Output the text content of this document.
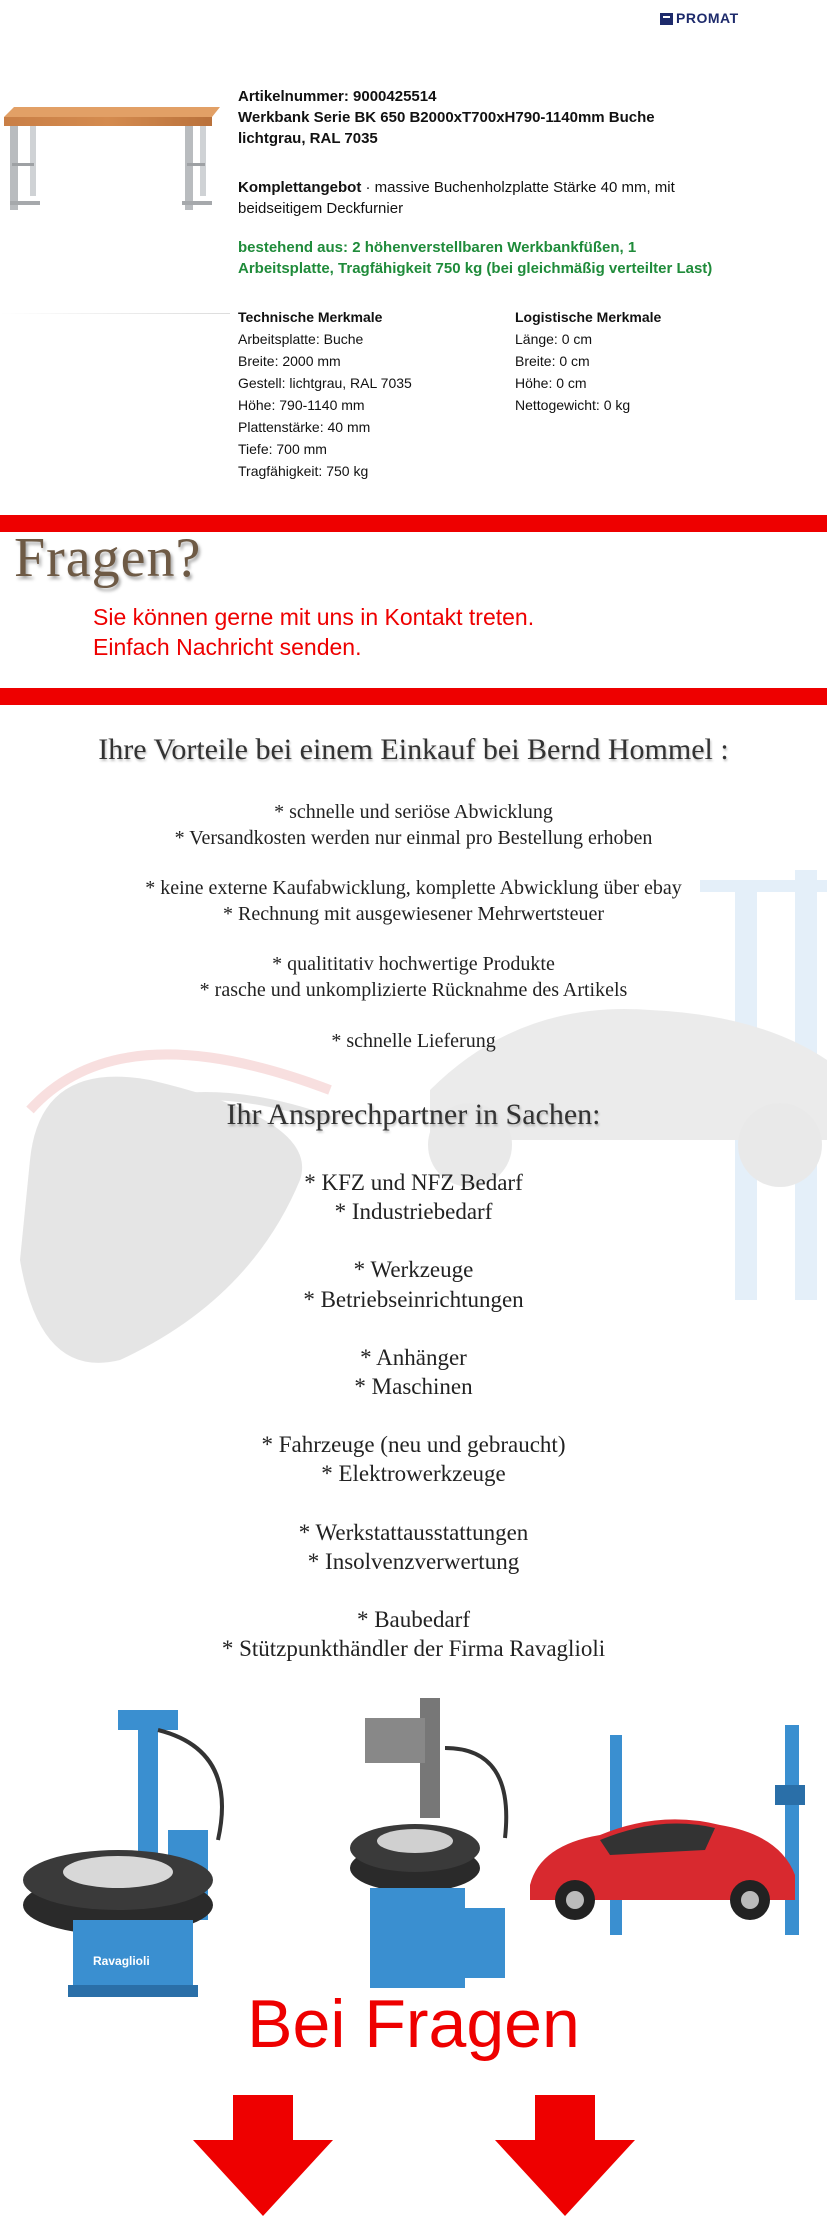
PROMAT
Artikelnummer: 9000425514
Werkbank Serie BK 650 B2000xT700xH790-1140mm Buche
lichtgrau, RAL 7035
Komplettangebot · massive Buchenholzplatte Stärke 40 mm, mit
beidseitigem Deckfurnier
bestehend aus: 2 höhenverstellbaren Werkbankfüßen, 1
Arbeitsplatte, Tragfähigkeit 750 kg (bei gleichmäßig verteilter Last)
Technische Merkmale
Arbeitsplatte: Buche
Breite: 2000 mm
Gestell: lichtgrau, RAL 7035
Höhe: 790-1140 mm
Plattenstärke: 40 mm
Tiefe: 700 mm
Tragfähigkeit: 750 kg
Logistische Merkmale
Länge: 0 cm
Breite: 0 cm
Höhe: 0 cm
Nettogewicht: 0 kg
Fragen?
Sie können gerne mit uns in Kontakt treten.
Einfach Nachricht senden.
Ihre Vorteile bei einem Einkauf bei Bernd Hommel :
* schnelle und seriöse Abwicklung
* Versandkosten werden nur einmal pro Bestellung erhoben
* keine externe Kaufabwicklung, komplette Abwicklung über ebay
* Rechnung mit ausgewiesener Mehrwertsteuer
* qualititativ hochwertige Produkte
* rasche und unkomplizierte Rücknahme des Artikels
* schnelle Lieferung
Ihr Ansprechpartner in Sachen:
* KFZ und NFZ Bedarf
* Industriebedarf
* Werkzeuge
* Betriebseinrichtungen
* Anhänger
* Maschinen
* Fahrzeuge (neu und gebraucht)
* Elektrowerkzeuge
* Werkstattausstattungen
* Insolvenzverwertung
* Baubedarf
* Stützpunkthändler der Firma Ravaglioli
Ravaglioli
Bei Fragen
